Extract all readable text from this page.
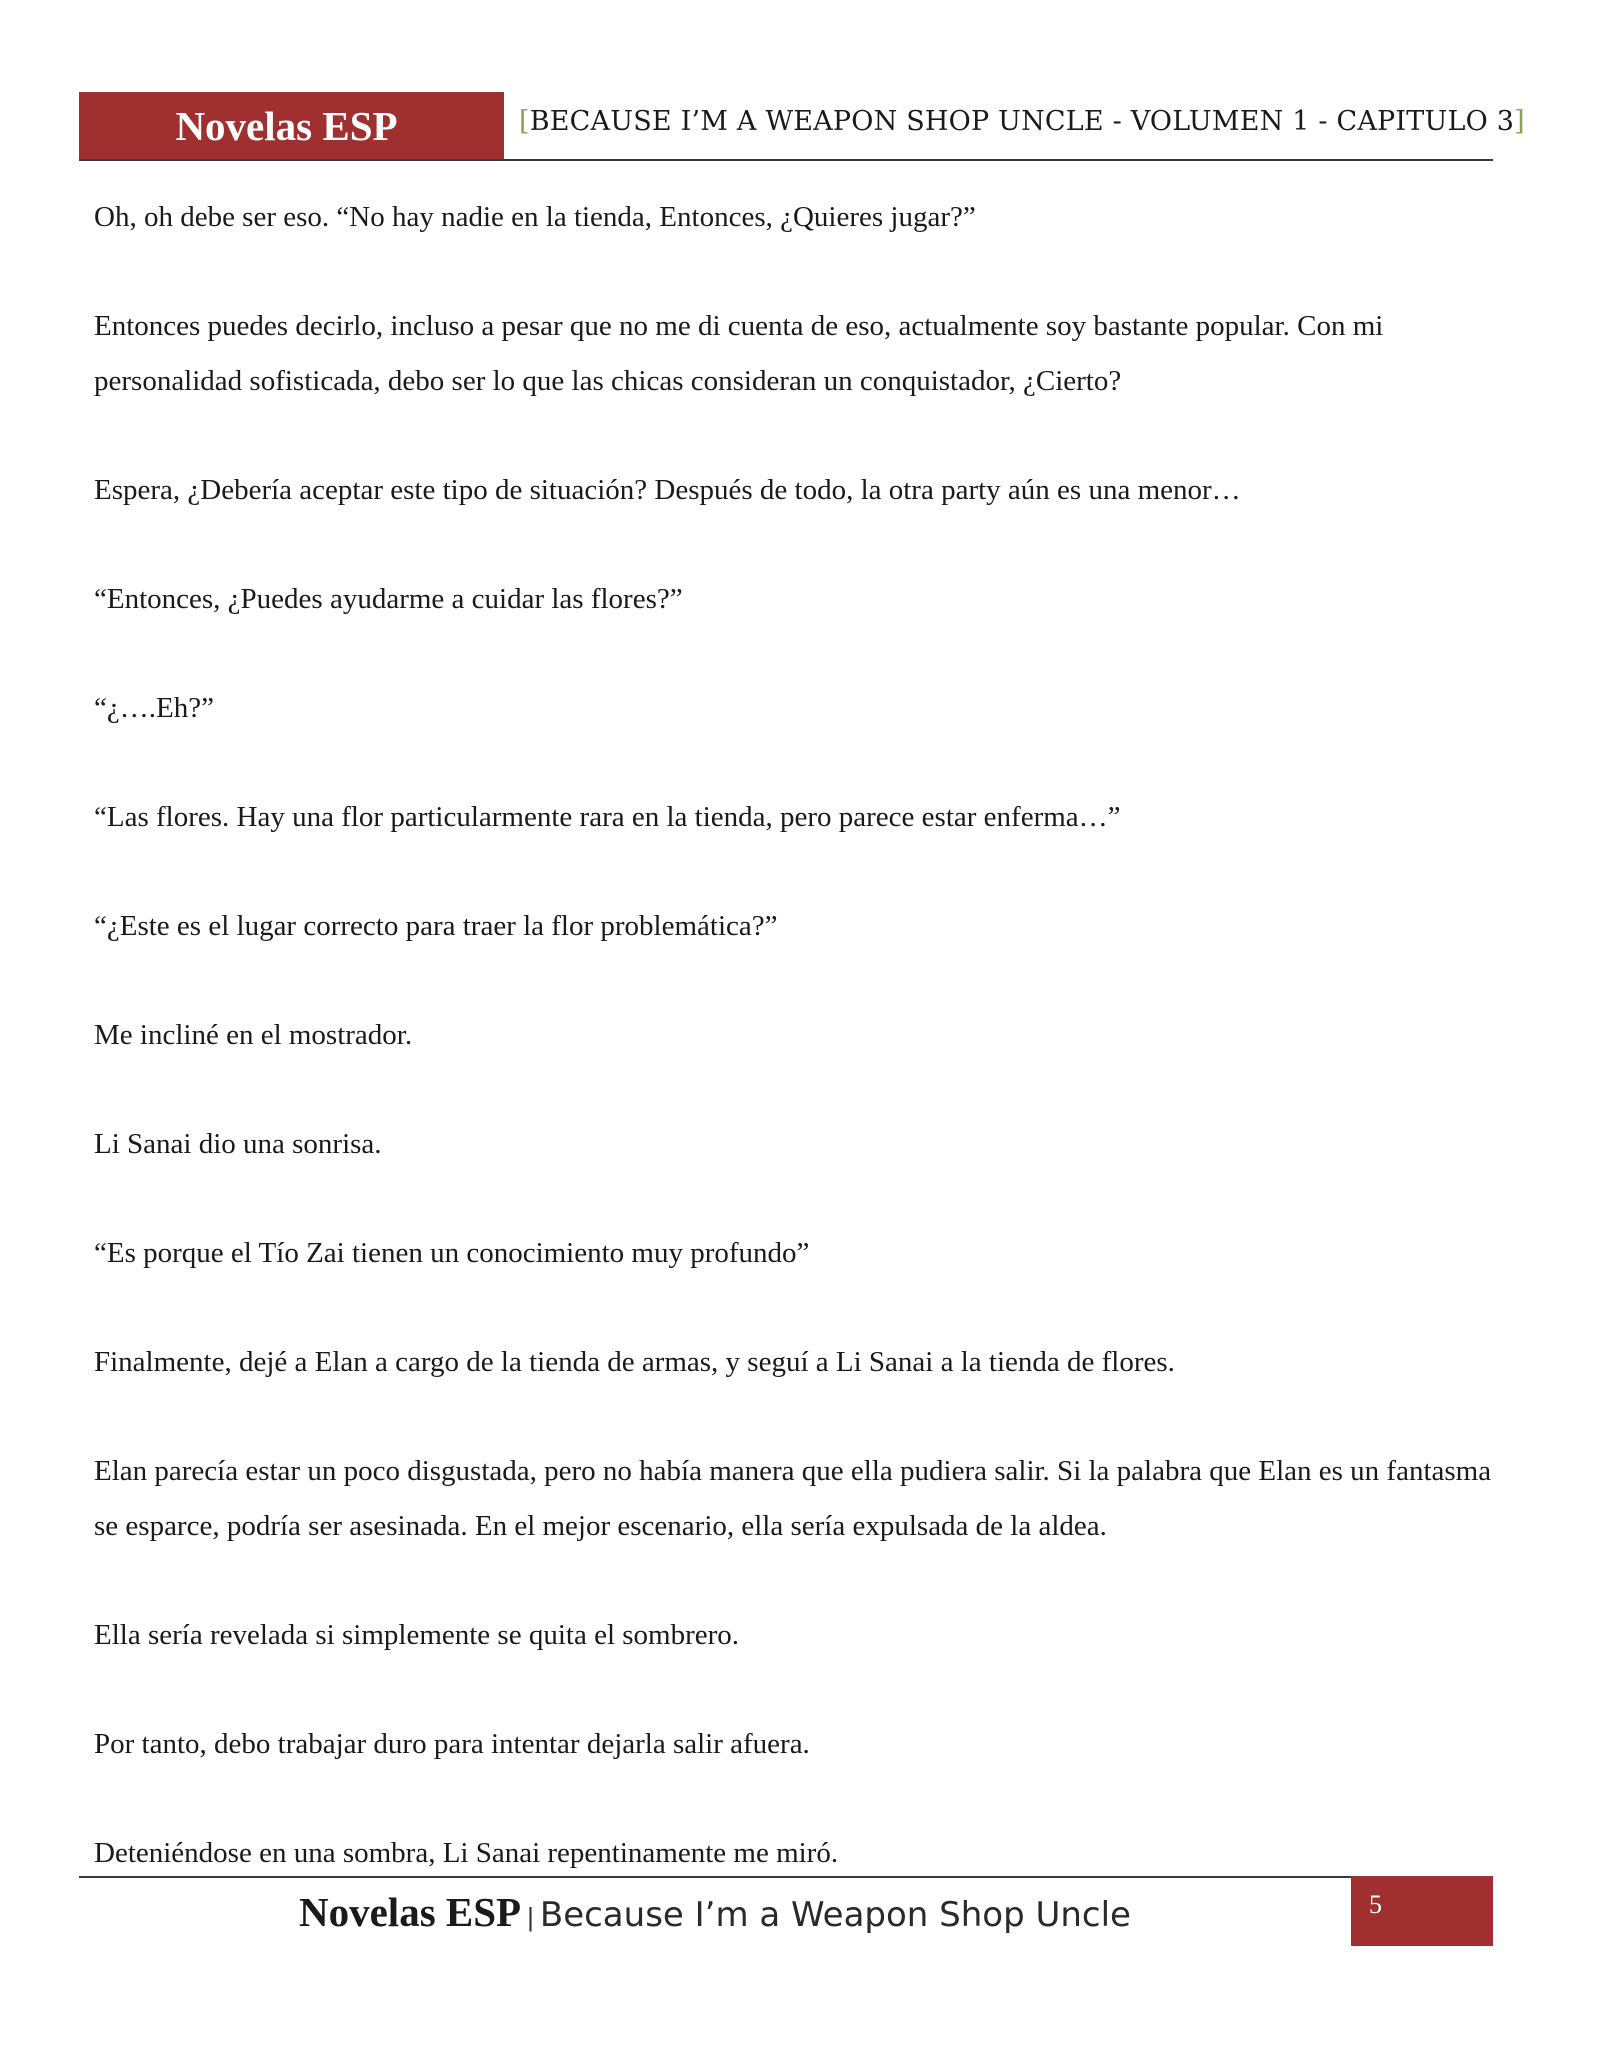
Novelas ESP	[BECAUSE I’M A WEAPON SHOP UNCLE - VOLUMEN 1 - CAPITULO 3]

Oh, oh debe ser eso. “No hay nadie en la tienda, Entonces, ¿Quieres jugar?”

Entonces puedes decirlo, incluso a pesar que no me di cuenta de eso, actualmente soy bastante popular. Con mi personalidad sofisticada, debo ser lo que las chicas consideran un conquistador, ¿Cierto?

Espera, ¿Debería aceptar este tipo de situación? Después de todo, la otra party aún es una menor…

“Entonces, ¿Puedes ayudarme a cuidar las flores?”

“¿….Eh?”

“Las flores. Hay una flor particularmente rara en la tienda, pero parece estar enferma…”

“¿Este es el lugar correcto para traer la flor problemática?”

Me incliné en el mostrador.

Li Sanai dio una sonrisa.

“Es porque el Tío Zai tienen un conocimiento muy profundo”

Finalmente, dejé a Elan a cargo de la tienda de armas, y seguí a Li Sanai a la tienda de flores.

Elan parecía estar un poco disgustada, pero no había manera que ella pudiera salir. Si la palabra que Elan es un fantasma se esparce, podría ser asesinada. En el mejor escenario, ella sería expulsada de la aldea.

Ella sería revelada si simplemente se quita el sombrero.

Por tanto, debo trabajar duro para intentar dejarla salir afuera.

Deteniéndose en una sombra, Li Sanai repentinamente me miró.

Novelas ESP | Because I’m a Weapon Shop Uncle	5
